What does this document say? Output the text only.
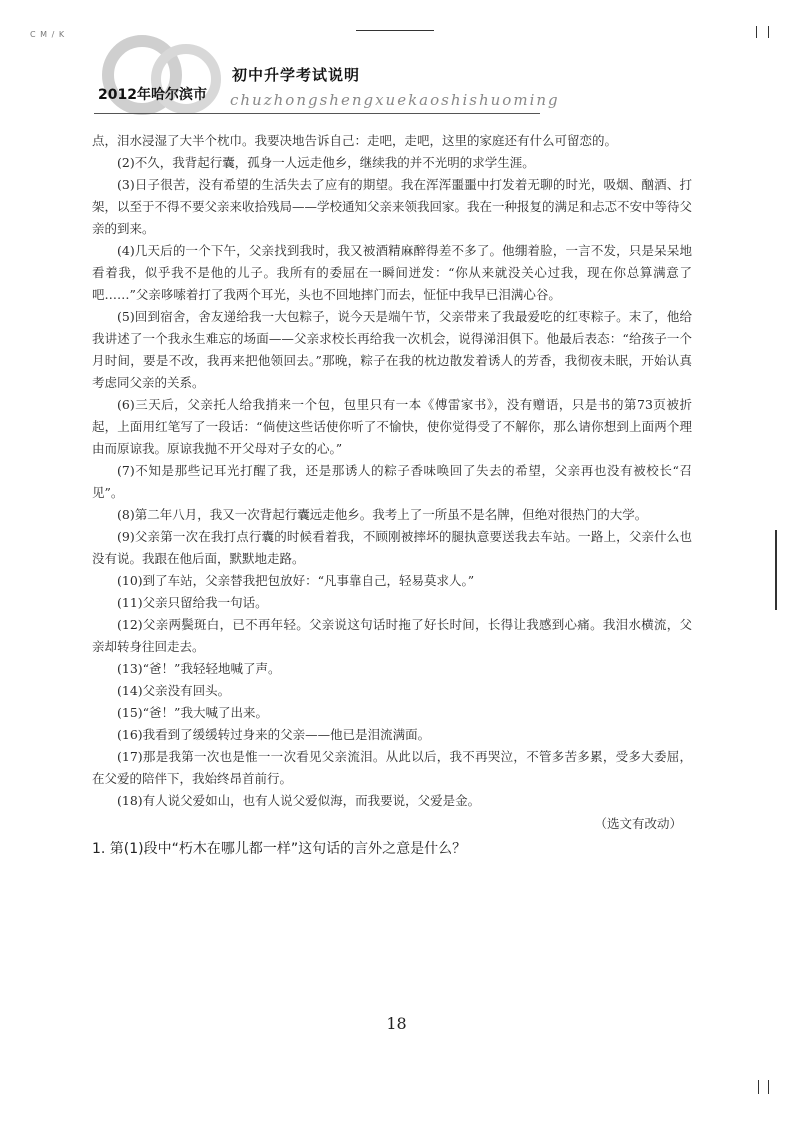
C M / K
2012年哈尔滨市
初中升学考试说明
chuzhongshengxuekaoshishuoming

点，泪水浸湿了大半个枕巾。我要决地告诉自己：走吧，走吧，这里的家庭还有什么可留恋的。

(2)不久，我背起行囊，孤身一人远走他乡，继续我的并不光明的求学生涯。

(3)日子很苦，没有希望的生活失去了应有的期望。我在浑浑噩噩中打发着无聊的时光，吸烟、酗酒、打架，以至于不得不要父亲来收拾残局——学校通知父亲来领我回家。我在一种报复的满足和忐忑不安中等待父亲的到来。

(4)几天后的一个下午，父亲找到我时，我又被酒精麻醉得差不多了。他绷着脸，一言不发，只是呆呆地看着我，似乎我不是他的儿子。我所有的委屈在一瞬间迸发：“你从来就没关心过我，现在你总算满意了吧……”父亲哆嗦着打了我两个耳光，头也不回地摔门而去，怔怔中我早已泪满心谷。

(5)回到宿舍，舍友递给我一大包粽子，说今天是端午节，父亲带来了我最爱吃的红枣粽子。末了，他给我讲述了一个我永生难忘的场面——父亲求校长再给我一次机会，说得涕泪俱下。他最后表态：“给孩子一个月时间，要是不改，我再来把他领回去。”那晚，粽子在我的枕边散发着诱人的芳香，我彻夜未眠，开始认真考虑同父亲的关系。

(6)三天后，父亲托人给我捎来一个包，包里只有一本《傅雷家书》，没有赠语，只是书的第73页被折起，上面用红笔写了一段话：“倘使这些话使你听了不愉快，使你觉得受了不解你，那么请你想到上面两个理由而原谅我。原谅我抛不开父母对子女的心。”

(7)不知是那些记耳光打醒了我，还是那诱人的粽子香味唤回了失去的希望，父亲再也没有被校长“召见”。

(8)第二年八月，我又一次背起行囊远走他乡。我考上了一所虽不是名牌，但绝对很热门的大学。

(9)父亲第一次在我打点行囊的时候看着我，不顾刚被摔坏的腿执意要送我去车站。一路上，父亲什么也没有说。我跟在他后面，默默地走路。

(10)到了车站，父亲替我把包放好：“凡事靠自己，轻易莫求人。”

(11)父亲只留给我一句话。

(12)父亲两鬓斑白，已不再年轻。父亲说这句话时拖了好长时间，长得让我感到心痛。我泪水横流，父亲却转身往回走去。

(13)“爸！”我轻轻地喊了声。

(14)父亲没有回头。

(15)“爸！”我大喊了出来。

(16)我看到了缓缓转过身来的父亲——他已是泪流满面。

(17)那是我第一次也是惟一一次看见父亲流泪。从此以后，我不再哭泣，不管多苦多累，受多大委屈，在父爱的陪伴下，我始终昂首前行。

(18)有人说父爱如山，也有人说父爱似海，而我要说，父爱是金。

（选文有改动）
1. 第(1)段中“朽木在哪儿都一样”这句话的言外之意是什么？
18
